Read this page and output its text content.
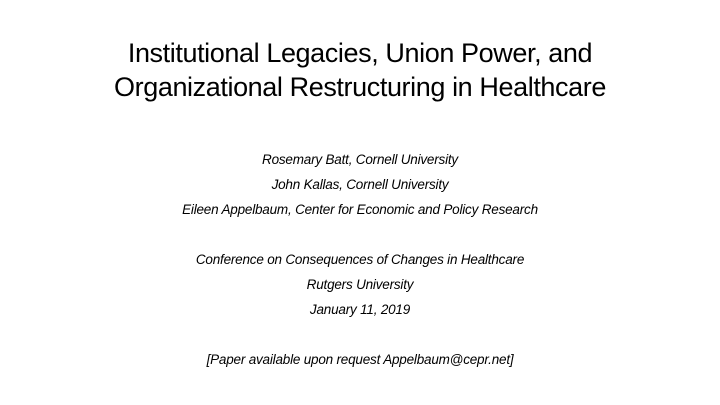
Institutional Legacies, Union Power, and
Organizational Restructuring in Healthcare
Rosemary Batt, Cornell University
John Kallas, Cornell University
Eileen Appelbaum, Center for Economic and Policy Research
Conference on Consequences of Changes in Healthcare
Rutgers University
January 11, 2019
[Paper available upon request Appelbaum@cepr.net]
